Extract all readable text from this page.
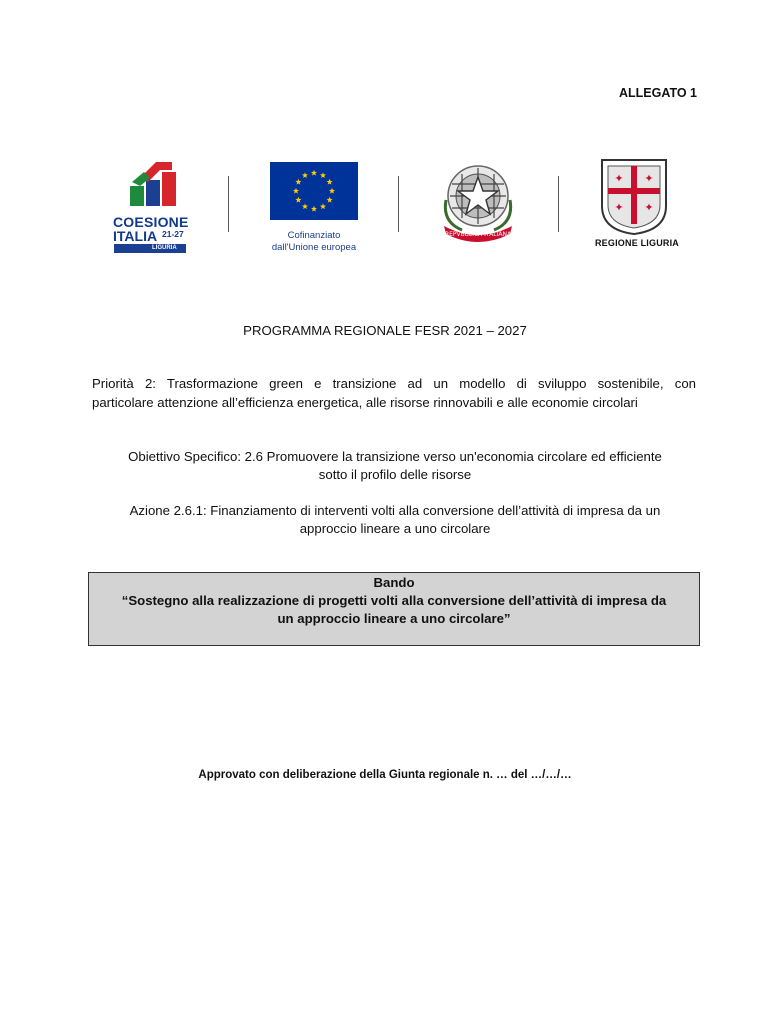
ALLEGATO 1
COESIONE
ITALIA 21-27
LIGURIA
Cofinanziato
dall'Unione europea
REPVBBLICA ITALIANA
✦ ✦
✦ ✦
REGIONE LIGURIA
PROGRAMMA REGIONALE FESR 2021 – 2027
Priorità 2: Trasformazione green e transizione ad un modello di sviluppo sostenibile, con
particolare attenzione all’efficienza energetica, alle risorse rinnovabili e alle economie circolari
Obiettivo Specifico: 2.6 Promuovere la transizione verso un'economia circolare ed efficiente
sotto il profilo delle risorse
Azione 2.6.1: Finanziamento di interventi volti alla conversione dell’attività di impresa da un
approccio lineare a uno circolare
Bando
“Sostegno alla realizzazione di progetti volti alla conversione dell’attività di impresa da
un approccio lineare a uno circolare”
Approvato con deliberazione della Giunta regionale n. … del …/…/…
